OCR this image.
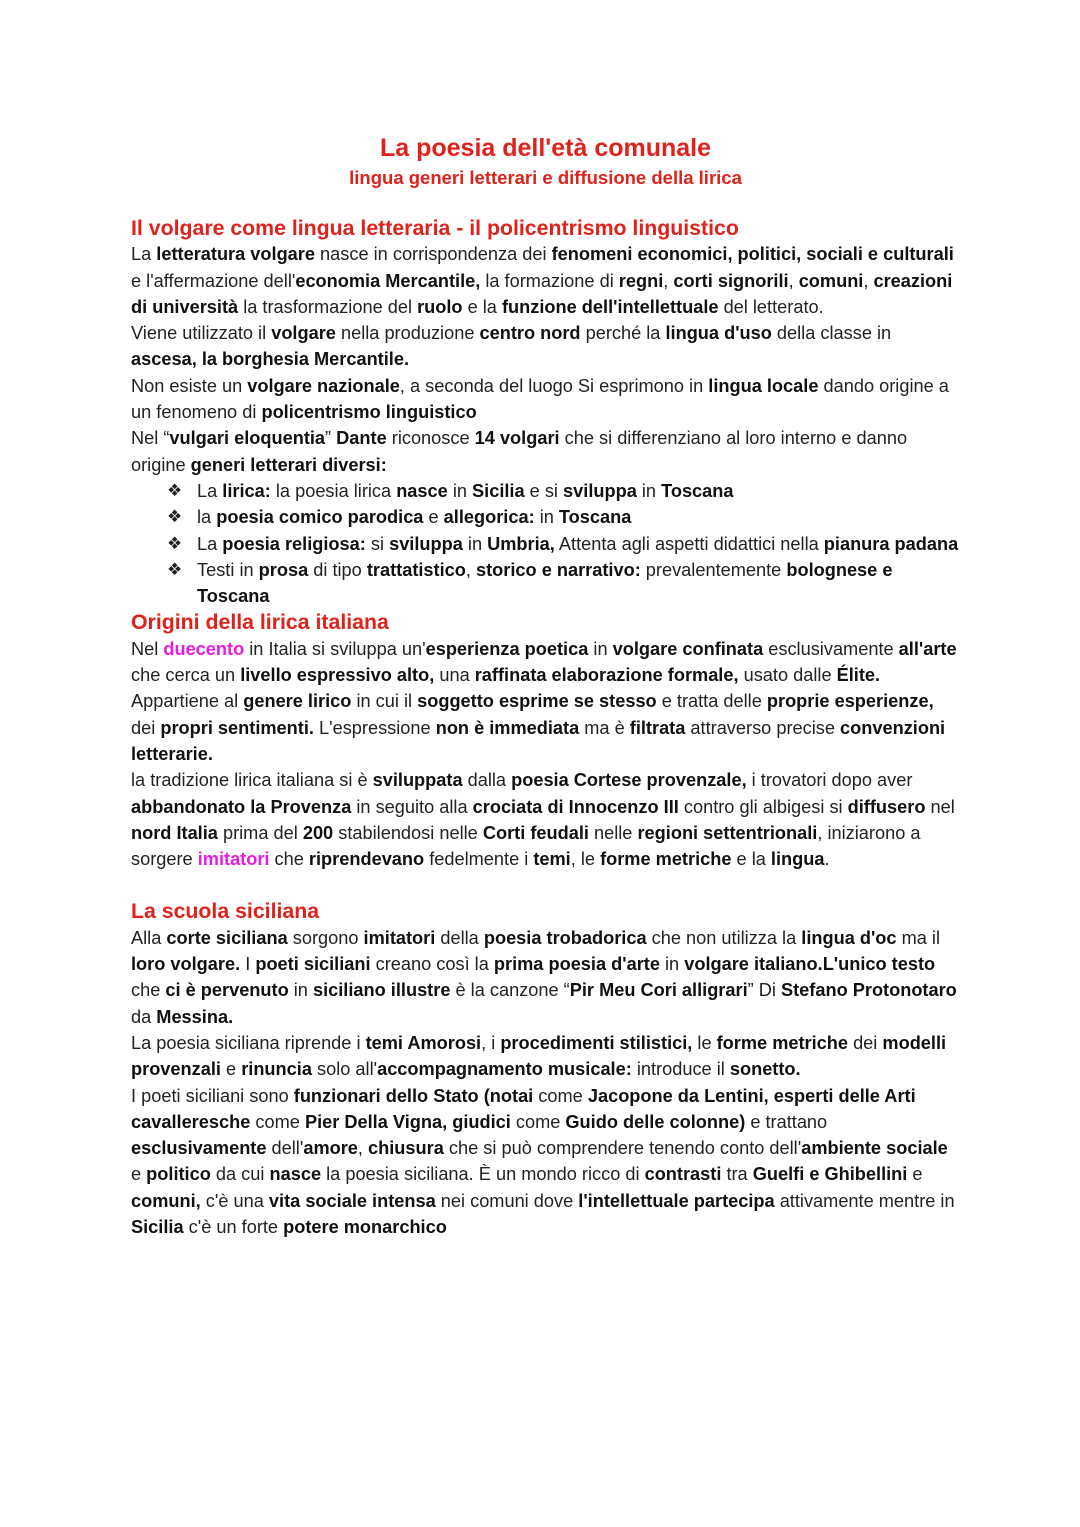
La poesia dell'età comunale
lingua generi letterari e diffusione della lirica
Il volgare come lingua letteraria - il policentrismo linguistico

La letteratura volgare nasce in corrispondenza dei fenomeni economici, politici, sociali e culturali e l'affermazione dell'economia Mercantile, la formazione di regni, corti signorili, comuni, creazioni di università la trasformazione del ruolo e la funzione dell'intellettuale del letterato.

Viene utilizzato il volgare nella produzione centro nord perché la lingua d'uso della classe in ascesa, la borghesia Mercantile.

Non esiste un volgare nazionale, a seconda del luogo Si esprimono in lingua locale dando origine a un fenomeno di policentrismo linguistico

Nel “vulgari eloquentia” Dante riconosce 14 volgari che si differenziano al loro interno e danno origine generi letterari diversi:

❖ La lirica: la poesia lirica nasce in Sicilia e si sviluppa in Toscana
❖ la poesia comico parodica e allegorica: in Toscana
❖ La poesia religiosa: si sviluppa in Umbria, Attenta agli aspetti didattici nella pianura padana
❖ Testi in prosa di tipo trattatistico, storico e narrativo: prevalentemente bolognese e Toscana
Origini della lirica italiana

Nel duecento in Italia si sviluppa un'esperienza poetica in volgare confinata esclusivamente all'arte che cerca un livello espressivo alto, una raffinata elaborazione formale, usato dalle Élite.

Appartiene al genere lirico in cui il soggetto esprime se stesso e tratta delle proprie esperienze, dei propri sentimenti. L'espressione non è immediata ma è filtrata attraverso precise convenzioni letterarie.

la tradizione lirica italiana si è sviluppata dalla poesia Cortese provenzale, i trovatori dopo aver abbandonato la Provenza in seguito alla crociata di Innocenzo III contro gli albigesi si diffusero nel nord Italia prima del 200 stabilendosi nelle Corti feudali nelle regioni settentrionali, iniziarono a sorgere imitatori che riprendevano fedelmente i temi, le forme metriche e la lingua.

La scuola siciliana

Alla corte siciliana sorgono imitatori della poesia trobadorica che non utilizza la lingua d'oc ma il loro volgare. I poeti siciliani creano così la prima poesia d'arte in volgare italiano.L'unico testo che ci è pervenuto in siciliano illustre è la canzone “Pir Meu Cori alligrari” Di Stefano Protonotaro da Messina.

La poesia siciliana riprende i temi Amorosi, i procedimenti stilistici, le forme metriche dei modelli provenzali e rinuncia solo all'accompagnamento musicale: introduce il sonetto.

I poeti siciliani sono funzionari dello Stato (notai come Jacopone da Lentini, esperti delle Arti cavalleresche come Pier Della Vigna, giudici come Guido delle colonne) e trattano esclusivamente dell'amore, chiusura che si può comprendere tenendo conto dell'ambiente sociale e politico da cui nasce la poesia siciliana. È un mondo ricco di contrasti tra Guelfi e Ghibellini e comuni, c'è una vita sociale intensa nei comuni dove l'intellettuale partecipa attivamente mentre in Sicilia c'è un forte potere monarchico
